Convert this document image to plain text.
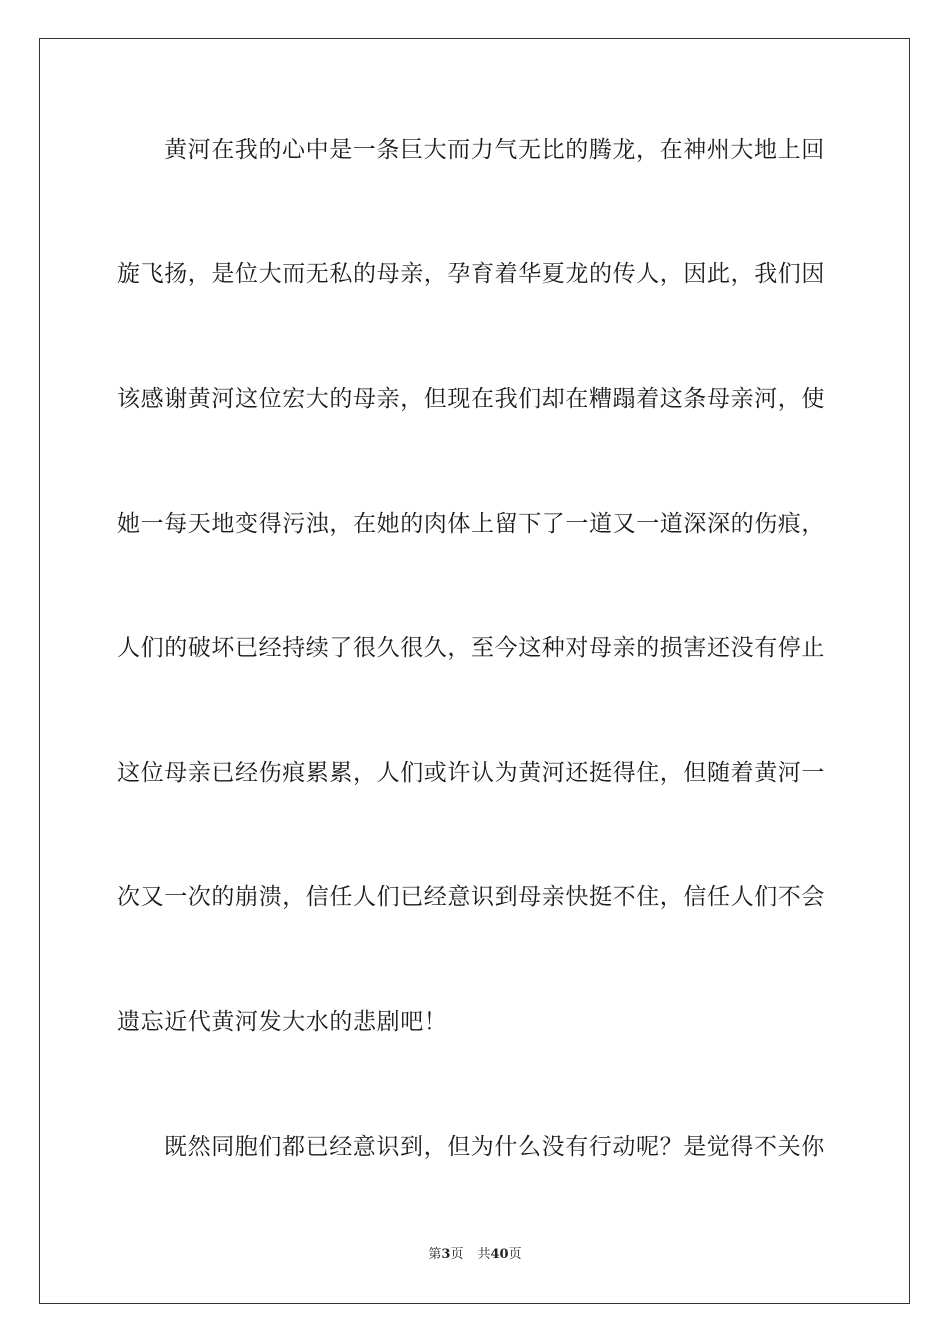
黄河在我的心中是一条巨大而力气无比的腾龙，在神州大地上回
旋飞扬，是位大而无私的母亲，孕育着华夏龙的传人，因此，我们因
该感谢黄河这位宏大的母亲，但现在我们却在糟蹋着这条母亲河，使
她一每天地变得污浊，在她的肉体上留下了一道又一道深深的伤痕，
人们的破坏已经持续了很久很久，至今这种对母亲的损害还没有停止
这位母亲已经伤痕累累，人们或许认为黄河还挺得住，但随着黄河一
次又一次的崩溃，信任人们已经意识到母亲快挺不住，信任人们不会
遗忘近代黄河发大水的悲剧吧！
既然同胞们都已经意识到，但为什么没有行动呢？是觉得不关你
第3页 共40页
